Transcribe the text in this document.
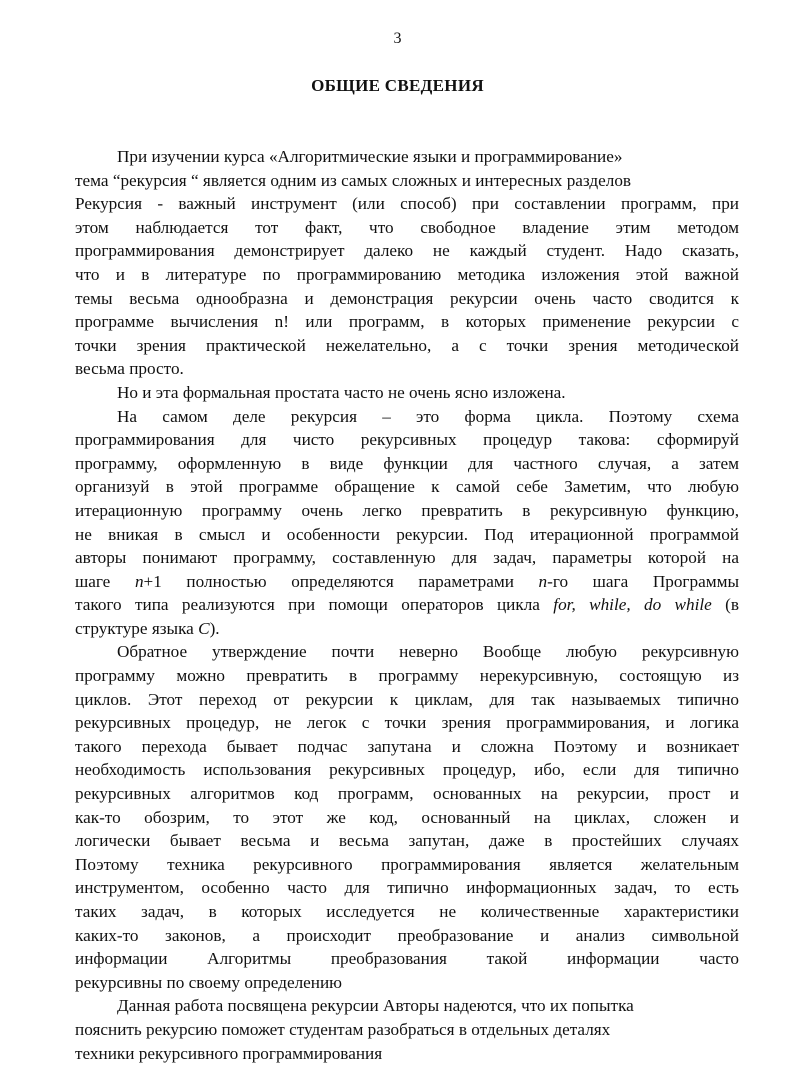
3
ОБЩИЕ СВЕДЕНИЯ
При изучении курса «Алгоритмические языки и программирование»
тема “рекурсия “ является одним из самых сложных и интересных разделов
Рекурсия - важный инструмент (или способ) при составлении программ, при
этом наблюдается тот факт, что свободное владение этим методом
программирования демонстрирует далеко не каждый студент. Надо сказать,
что и в литературе по программированию методика изложения этой важной
темы весьма однообразна и демонстрация рекурсии очень часто сводится к
программе вычисления n! или программ, в которых применение рекурсии с
точки зрения практической нежелательно, а с точки зрения методической
весьма просто.
Но и эта формальная простата часто не очень ясно изложена.
На самом деле рекурсия – это форма цикла. Поэтому схема
программирования для чисто рекурсивных процедур такова: сформируй
программу, оформленную в виде функции для частного случая, а затем
организуй в этой программе обращение к самой себе Заметим, что любую
итерационную программу очень легко превратить в рекурсивную функцию,
не вникая в смысл и особенности рекурсии. Под итерационной программой
авторы понимают программу, составленную для задач, параметры которой на
шаге n+1 полностью определяются параметрами n-го шага Программы
такого типа реализуются при помощи операторов цикла for, while, do while (в
структуре языка C).
Обратное утверждение почти неверно Вообще любую рекурсивную
программу можно превратить в программу нерекурсивную, состоящую из
циклов. Этот переход от рекурсии к циклам, для так называемых типично
рекурсивных процедур, не легок с точки зрения программирования, и логика
такого перехода бывает подчас запутана и сложна Поэтому и возникает
необходимость использования рекурсивных процедур, ибо, если для типично
рекурсивных алгоритмов код программ, основанных на рекурсии, прост и
как-то обозрим, то этот же код, основанный на циклах, сложен и
логически бывает весьма и весьма запутан, даже в простейших случаях
Поэтому техника рекурсивного программирования является желательным
инструментом, особенно часто для типично информационных задач, то есть
таких задач, в которых исследуется не количественные характеристики
каких-то законов, а происходит преобразование и анализ символьной
информации Алгоритмы преобразования такой информации часто
рекурсивны по своему определению
Данная работа посвящена рекурсии Авторы надеются, что их попытка
пояснить рекурсию поможет студентам разобраться в отдельных деталях
техники рекурсивного программирования
